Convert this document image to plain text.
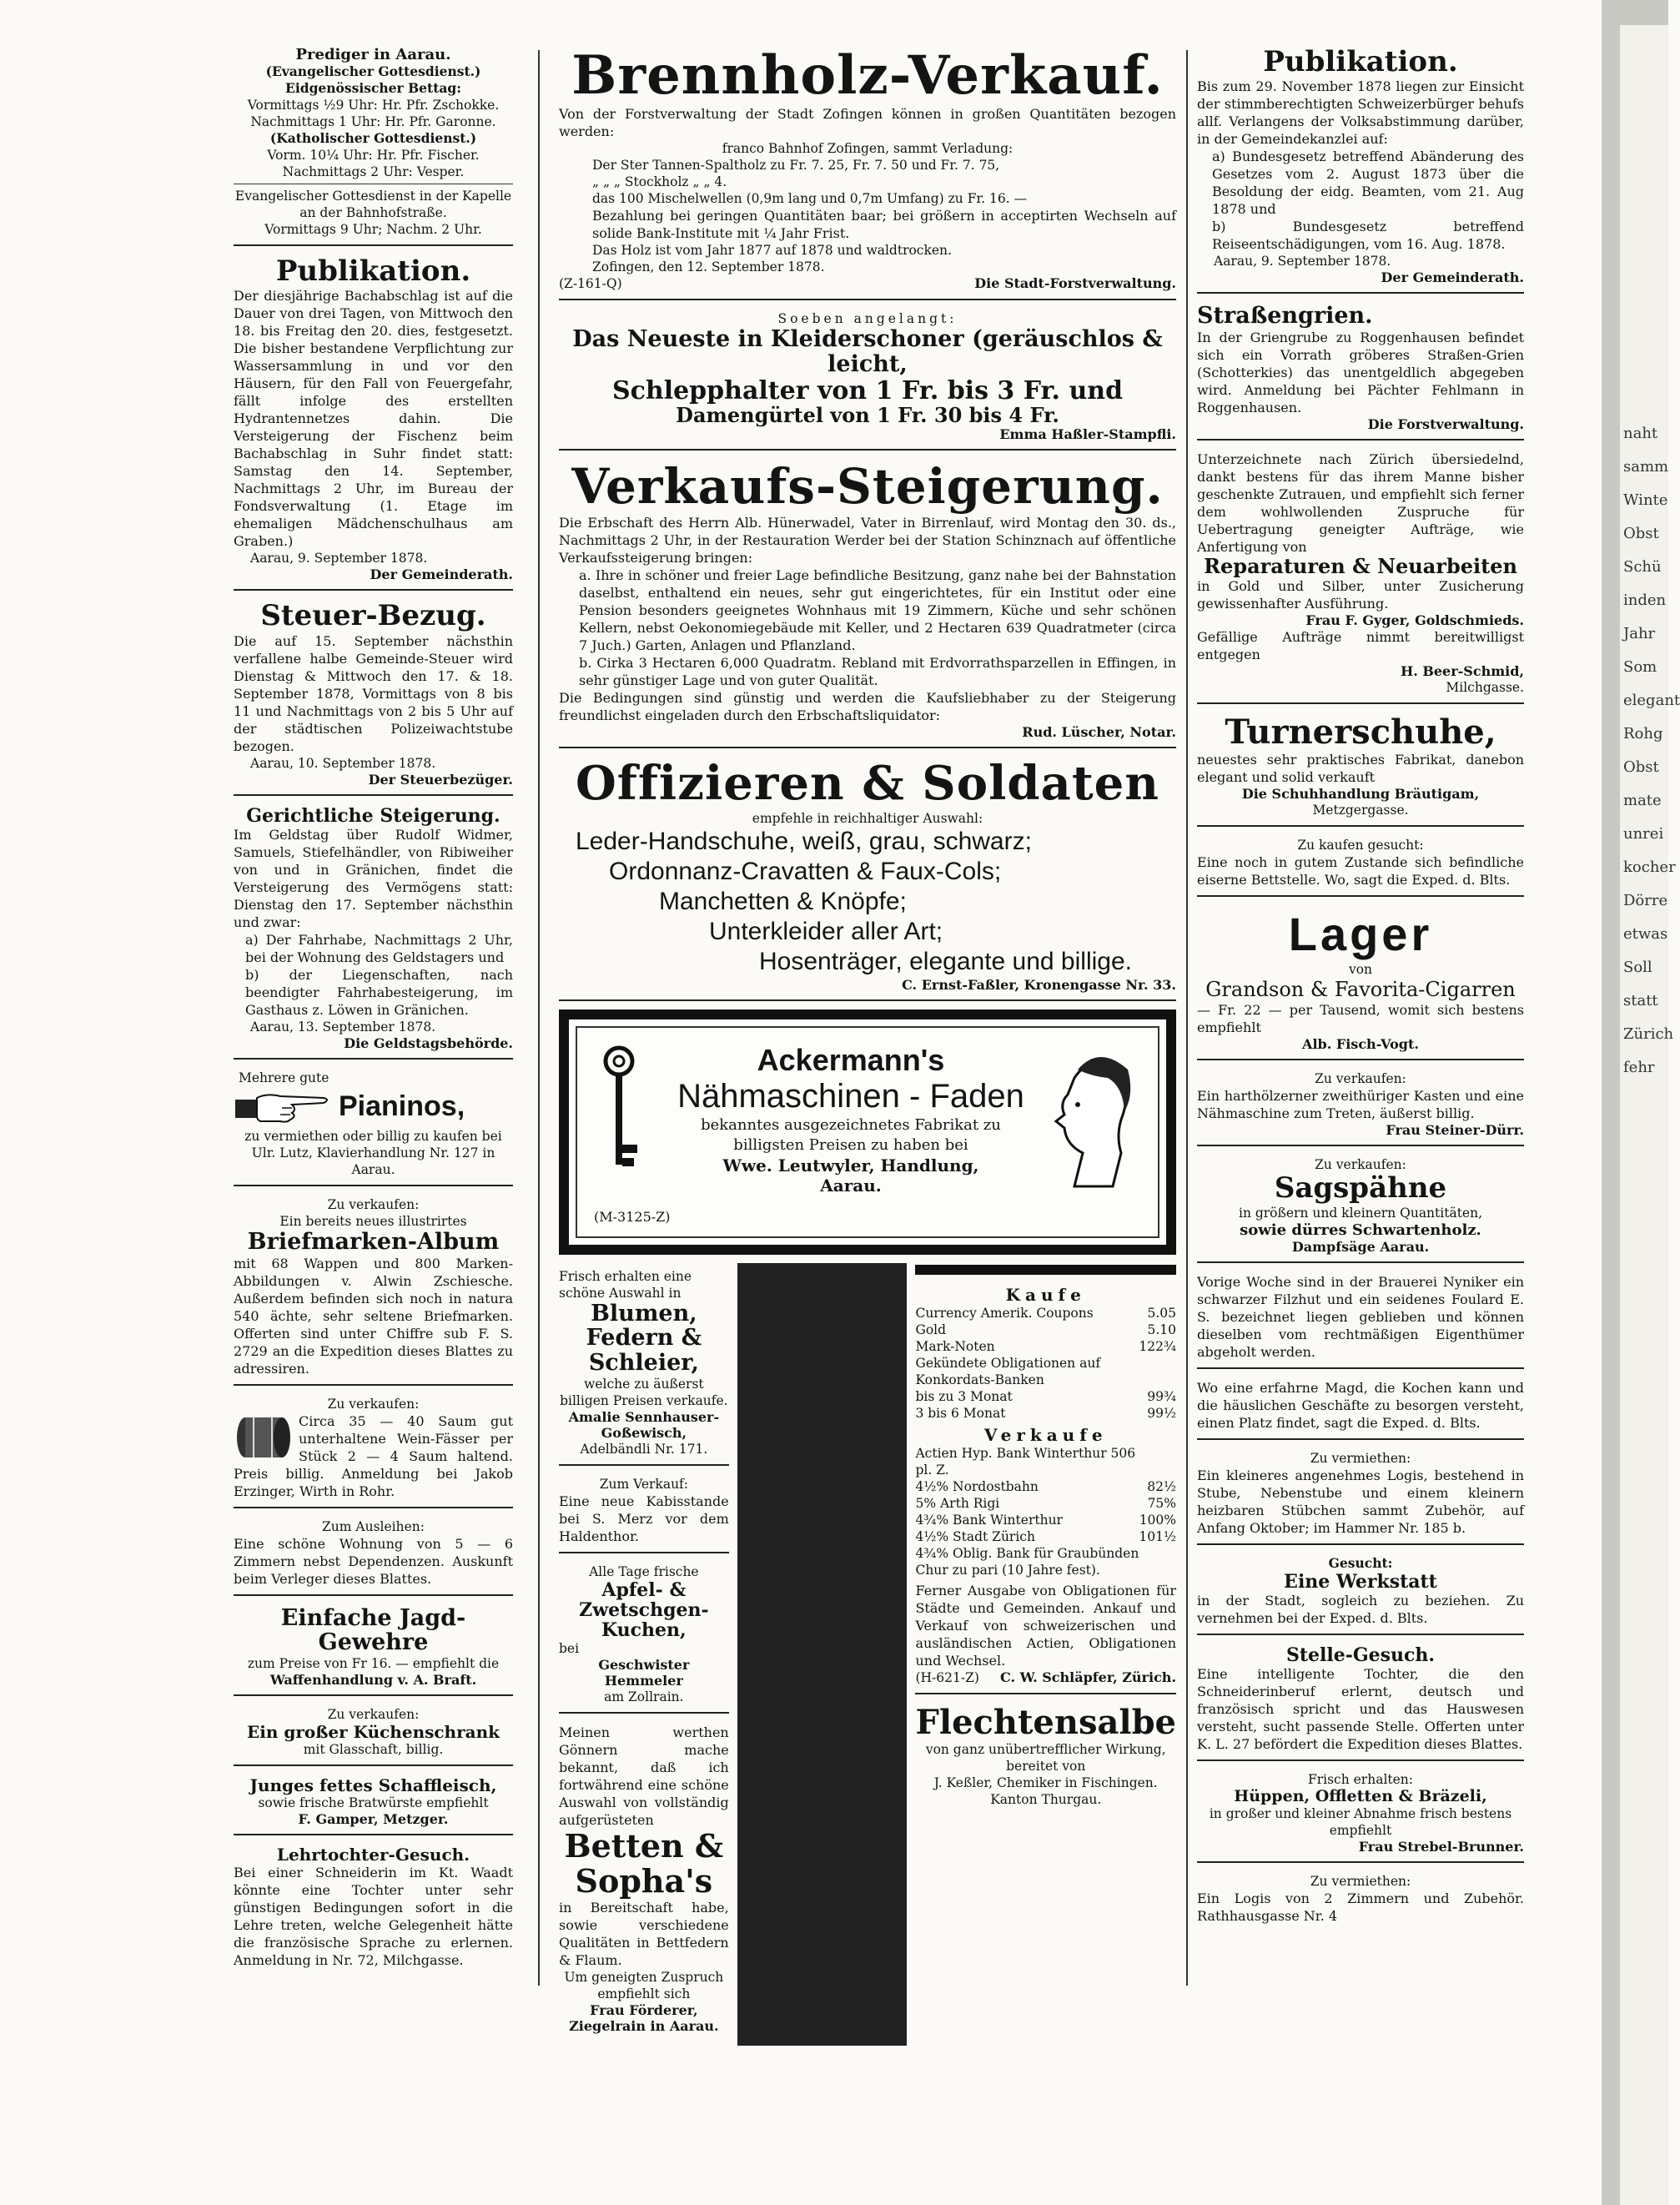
naht
samm
Winte
Obst
Schü
inden
Jahr
Som
elegant
Rohg
Obst
mate
unrei
kocher
Dörre
etwas
Soll
statt
Zürich
fehr
Prediger in Aarau.
(Evangelischer Gottesdienst.)
Eidgenössischer Bettag:
Vormittags ½9 Uhr: Hr. Pfr. Zschokke.
Nachmittags 1 Uhr: Hr. Pfr. Garonne.
(Katholischer Gottesdienst.)
Vorm. 10¼ Uhr: Hr. Pfr. Fischer.
Nachmittags 2 Uhr: Vesper.
Evangelischer Gottesdienst in der Kapelle an der Bahnhofstraße.
Vormittags 9 Uhr; Nachm. 2 Uhr.
Publikation.
Der diesjährige Bachabschlag ist auf die Dauer von drei Tagen, von Mittwoch den 18. bis Freitag den 20. dies, festgesetzt. Die bisher bestandene Verpflichtung zur Wassersammlung in und vor den Häusern, für den Fall von Feuergefahr, fällt infolge des erstellten Hydrantennetzes dahin. Die Versteigerung der Fischenz beim Bachabschlag in Suhr findet statt: Samstag den 14. September, Nachmittags 2 Uhr, im Bureau der Fondsverwaltung (1. Etage im ehemaligen Mädchenschulhaus am Graben.)
Aarau, 9. September 1878.
Der Gemeinderath.
Steuer-Bezug.
Die auf 15. September nächsthin verfallene halbe Gemeinde-Steuer wird Dienstag & Mittwoch den 17. & 18. September 1878, Vormittags von 8 bis 11 und Nachmittags von 2 bis 5 Uhr auf der städtischen Polizeiwachtstube bezogen.
Aarau, 10. September 1878.
Der Steuerbezüger.
Gerichtliche Steigerung.
Im Geldstag über Rudolf Widmer, Samuels, Stiefelhändler, von Ribiweiher von und in Gränichen, findet die Versteigerung des Vermögens statt: Dienstag den 17. September nächsthin und zwar:
a) Der Fahrhabe, Nachmittags 2 Uhr, bei der Wohnung des Geldstagers und
b) der Liegenschaften, nach beendigter Fahrhabesteigerung, im Gasthaus z. Löwen in Gränichen.
Aarau, 13. September 1878.
Die Geldstagsbehörde.
Mehrere gute
Pianinos,
zu vermiethen oder billig zu kaufen bei Ulr. Lutz, Klavierhandlung Nr. 127 in Aarau.
Zu verkaufen:
Ein bereits neues illustrirtes
Briefmarken-Album
mit 68 Wappen und 800 Marken-Abbildungen v. Alwin Zschiesche. Außerdem befinden sich noch in natura 540 ächte, sehr seltene Briefmarken. Offerten sind unter Chiffre sub F. S. 2729 an die Expedition dieses Blattes zu adressiren.
Zu verkaufen:
Circa 35 — 40 Saum gut unterhaltene Wein-Fässer per Stück 2 — 4 Saum haltend. Preis billig. Anmeldung bei Jakob Erzinger, Wirth in Rohr.
Zum Ausleihen:
Eine schöne Wohnung von 5 — 6 Zimmern nebst Dependenzen. Auskunft beim Verleger dieses Blattes.
Einfache Jagd-Gewehre
zum Preise von Fr 16. — empfiehlt die
Waffenhandlung v. A. Braft.
Zu verkaufen:
Ein großer Küchenschrank
mit Glasschaft, billig.
Junges fettes Schaffleisch,
sowie frische Bratwürste empfiehlt
F. Gamper, Metzger.
Lehrtochter-Gesuch.
Bei einer Schneiderin im Kt. Waadt könnte eine Tochter unter sehr günstigen Bedingungen sofort in die Lehre treten, welche Gelegenheit hätte die französische Sprache zu erlernen. Anmeldung in Nr. 72, Milchgasse.
Brennholz-Verkauf.
Von der Forstverwaltung der Stadt Zofingen können in großen Quantitäten bezogen werden:
franco Bahnhof Zofingen, sammt Verladung:
Der Ster Tannen-Spaltholz zu Fr. 7. 25, Fr. 7. 50 und Fr. 7. 75,
„ „ „ Stockholz „ „ 4.
das 100 Mischelwellen (0,9m lang und 0,7m Umfang) zu Fr. 16. —
Bezahlung bei geringen Quantitäten baar; bei größern in acceptirten Wechseln auf solide Bank-Institute mit ¼ Jahr Frist.
Das Holz ist vom Jahr 1877 auf 1878 und waldtrocken.
Zofingen, den 12. September 1878.
(Z-161-Q)	Die Stadt-Forstverwaltung.
Soeben angelangt:
Das Neueste in Kleiderschoner (geräuschlos & leicht,
Schlepphalter von 1 Fr. bis 3 Fr. und
Damengürtel von 1 Fr. 30 bis 4 Fr.
Emma Haßler-Stampfli.
Verkaufs-Steigerung.
Die Erbschaft des Herrn Alb. Hünerwadel, Vater in Birrenlauf, wird Montag den 30. ds., Nachmittags 2 Uhr, in der Restauration Werder bei der Station Schinznach auf öffentliche Verkaufssteigerung bringen:
a. Ihre in schöner und freier Lage befindliche Besitzung, ganz nahe bei der Bahnstation daselbst, enthaltend ein neues, sehr gut eingerichtetes, für ein Institut oder eine Pension besonders geeignetes Wohnhaus mit 19 Zimmern, Küche und sehr schönen Kellern, nebst Oekonomiegebäude mit Keller, und 2 Hectaren 639 Quadratmeter (circa 7 Juch.) Garten, Anlagen und Pflanzland.
b. Cirka 3 Hectaren 6,000 Quadratm. Rebland mit Erdvorrathsparzellen in Effingen, in sehr günstiger Lage und von guter Qualität.
Die Bedingungen sind günstig und werden die Kaufsliebhaber zu der Steigerung freundlichst eingeladen durch den Erbschaftsliquidator:
Rud. Lüscher, Notar.
Offizieren & Soldaten
empfehle in reichhaltiger Auswahl:
Leder-Handschuhe, weiß, grau, schwarz;
Ordonnanz-Cravatten & Faux-Cols;
Manchetten & Knöpfe;
Unterkleider aller Art;
Hosenträger, elegante und billige.
C. Ernst-Faßler, Kronengasse Nr. 33.
Ackermann's
Nähmaschinen - Faden
bekanntes ausgezeichnetes Fabrikat zu billigsten Preisen zu haben bei
Wwe. Leutwyler, Handlung,
Aarau.
(M-3125-Z)
Frisch erhalten eine schöne Auswahl in
Blumen, Federn & Schleier,
welche zu äußerst billigen Preisen verkaufe.
Amalie Sennhauser-Goßewisch,
Adelbändli Nr. 171.
Zum Verkauf:
Eine neue Kabisstande bei S. Merz vor dem Haldenthor.
Alle Tage frische
Apfel- & Zwetschgen-Kuchen,
bei
Geschwister Hemmeler
am Zollrain.
Meinen werthen Gönnern mache bekannt, daß ich fortwährend eine schöne Auswahl von vollständig aufgerüsteten
Betten & Sopha's
in Bereitschaft habe, sowie verschiedene Qualitäten in Bettfedern & Flaum.
Um geneigten Zuspruch empfiehlt sich
Frau Förderer,
Ziegelrain in Aarau.
Kaufe
Currency Amerik. Coupons	5.05
Gold	5.10
Mark-Noten	122¾
Gekündete Obligationen auf Konkordats-Banken	
bis zu 3 Monat	99¾
3 bis 6 Monat	99½
Verkaufe
Actien Hyp. Bank Winterthur 506 pl. Z.	
4½% Nordostbahn	82½
5% Arth Rigi	75%
4¾% Bank Winterthur	100%
4½% Stadt Zürich	101½
4¾% Oblig. Bank für Graubünden Chur zu pari (10 Jahre fest).	
Ferner Ausgabe von Obligationen für Städte und Gemeinden. Ankauf und Verkauf von schweizerischen und ausländischen Actien, Obligationen und Wechsel.
(H-621-Z) C. W. Schläpfer, Zürich.
Flechtensalbe
von ganz unübertrefflicher Wirkung, bereitet von
J. Keßler, Chemiker in Fischingen.
Kanton Thurgau.
Publikation.
Bis zum 29. November 1878 liegen zur Einsicht der stimmberechtigten Schweizerbürger behufs allf. Verlangens der Volksabstimmung darüber, in der Gemeindekanzlei auf:
a) Bundesgesetz betreffend Abänderung des Gesetzes vom 2. August 1873 über die Besoldung der eidg. Beamten, vom 21. Aug 1878 und
b) Bundesgesetz betreffend Reiseentschädigungen, vom 16. Aug. 1878.
Aarau, 9. September 1878.
Der Gemeinderath.
Straßengrien.
In der Griengrube zu Roggenhausen befindet sich ein Vorrath gröberes Straßen-Grien (Schotterkies) das unentgeldlich abgegeben wird. Anmeldung bei Pächter Fehlmann in Roggenhausen.
Die Forstverwaltung.
Unterzeichnete nach Zürich übersiedelnd, dankt bestens für das ihrem Manne bisher geschenkte Zutrauen, und empfiehlt sich ferner dem wohlwollenden Zuspruche für Uebertragung geneigter Aufträge, wie Anfertigung von
Reparaturen & Neuarbeiten
in Gold und Silber, unter Zusicherung gewissenhafter Ausführung.
Frau F. Gyger, Goldschmieds.
Gefällige Aufträge nimmt bereitwilligst entgegen
H. Beer-Schmid,
Milchgasse.
Turnerschuhe,
neuestes sehr praktisches Fabrikat, danebon elegant und solid verkauft
Die Schuhhandlung Bräutigam,
Metzgergasse.
Zu kaufen gesucht:
Eine noch in gutem Zustande sich befindliche eiserne Bettstelle. Wo, sagt die Exped. d. Blts.
Lager
von
Grandson & Favorita-Cigarren
— Fr. 22 — per Tausend, womit sich bestens empfiehlt
Alb. Fisch-Vogt.
Zu verkaufen:
Ein harthölzerner zweithüriger Kasten und eine Nähmaschine zum Treten, äußerst billig.
Frau Steiner-Dürr.
Zu verkaufen:
Sagspähne
in größern und kleinern Quantitäten,
sowie dürres Schwartenholz.
Dampfsäge Aarau.
Vorige Woche sind in der Brauerei Nyniker ein schwarzer Filzhut und ein seidenes Foulard E. S. bezeichnet liegen geblieben und können dieselben vom rechtmäßigen Eigenthümer abgeholt werden.
Wo eine erfahrne Magd, die Kochen kann und die häuslichen Geschäfte zu besorgen versteht, einen Platz findet, sagt die Exped. d. Blts.
Zu vermiethen:
Ein kleineres angenehmes Logis, bestehend in Stube, Nebenstube und einem kleinern heizbaren Stübchen sammt Zubehör, auf Anfang Oktober; im Hammer Nr. 185 b.
Gesucht:
Eine Werkstatt
in der Stadt, sogleich zu beziehen. Zu vernehmen bei der Exped. d. Blts.
Stelle-Gesuch.
Eine intelligente Tochter, die den Schneiderinberuf erlernt, deutsch und französisch spricht und das Hauswesen versteht, sucht passende Stelle. Offerten unter K. L. 27 befördert die Expedition dieses Blattes.
Frisch erhalten:
Hüppen, Offletten & Bräzeli,
in großer und kleiner Abnahme frisch bestens empfiehlt
Frau Strebel-Brunner.
Zu vermiethen:
Ein Logis von 2 Zimmern und Zubehör. Rathhausgasse Nr. 4
